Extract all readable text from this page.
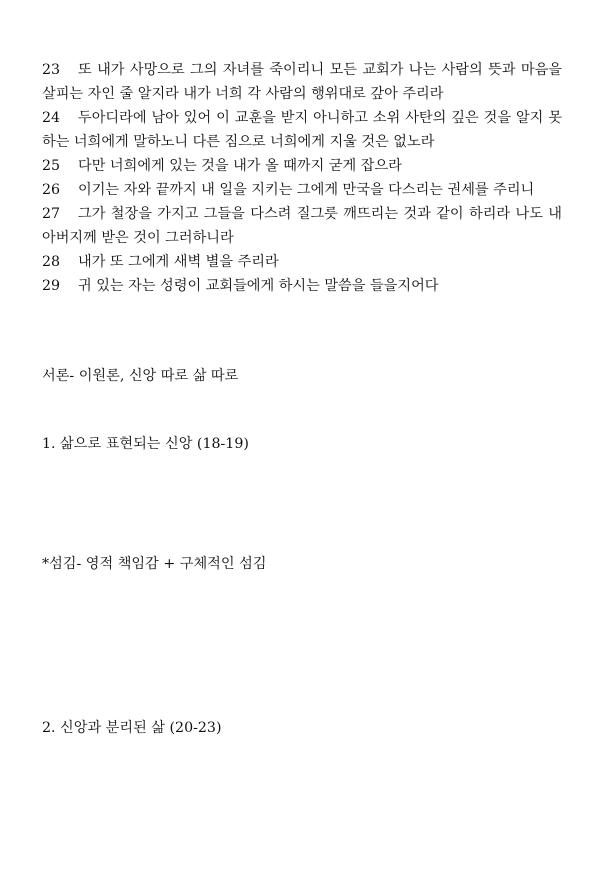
23 또 내가 사망으로 그의 자녀를 죽이리니 모든 교회가 나는 사람의 뜻과 마음을 살피는 자인 줄 알지라 내가 너희 각 사람의 행위대로 갚아 주리라
24 두아디라에 남아 있어 이 교훈을 받지 아니하고 소위 사탄의 깊은 것을 알지 못하는 너희에게 말하노니 다른 짐으로 너희에게 지울 것은 없노라
25 다만 너희에게 있는 것을 내가 올 때까지 굳게 잡으라
26 이기는 자와 끝까지 내 일을 지키는 그에게 만국을 다스리는 권세를 주리니
27 그가 철장을 가지고 그들을 다스려 질그릇 깨뜨리는 것과 같이 하리라 나도 내 아버지께 받은 것이 그러하니라
28 내가 또 그에게 새벽 별을 주리라
29 귀 있는 자는 성령이 교회들에게 하시는 말씀을 들을지어다
서론- 이원론, 신앙 따로 삶 따로
1. 삶으로 표현되는 신앙 (18-19)
*섬김- 영적 책임감 + 구체적인 섬김
2. 신앙과 분리된 삶 (20-23)
